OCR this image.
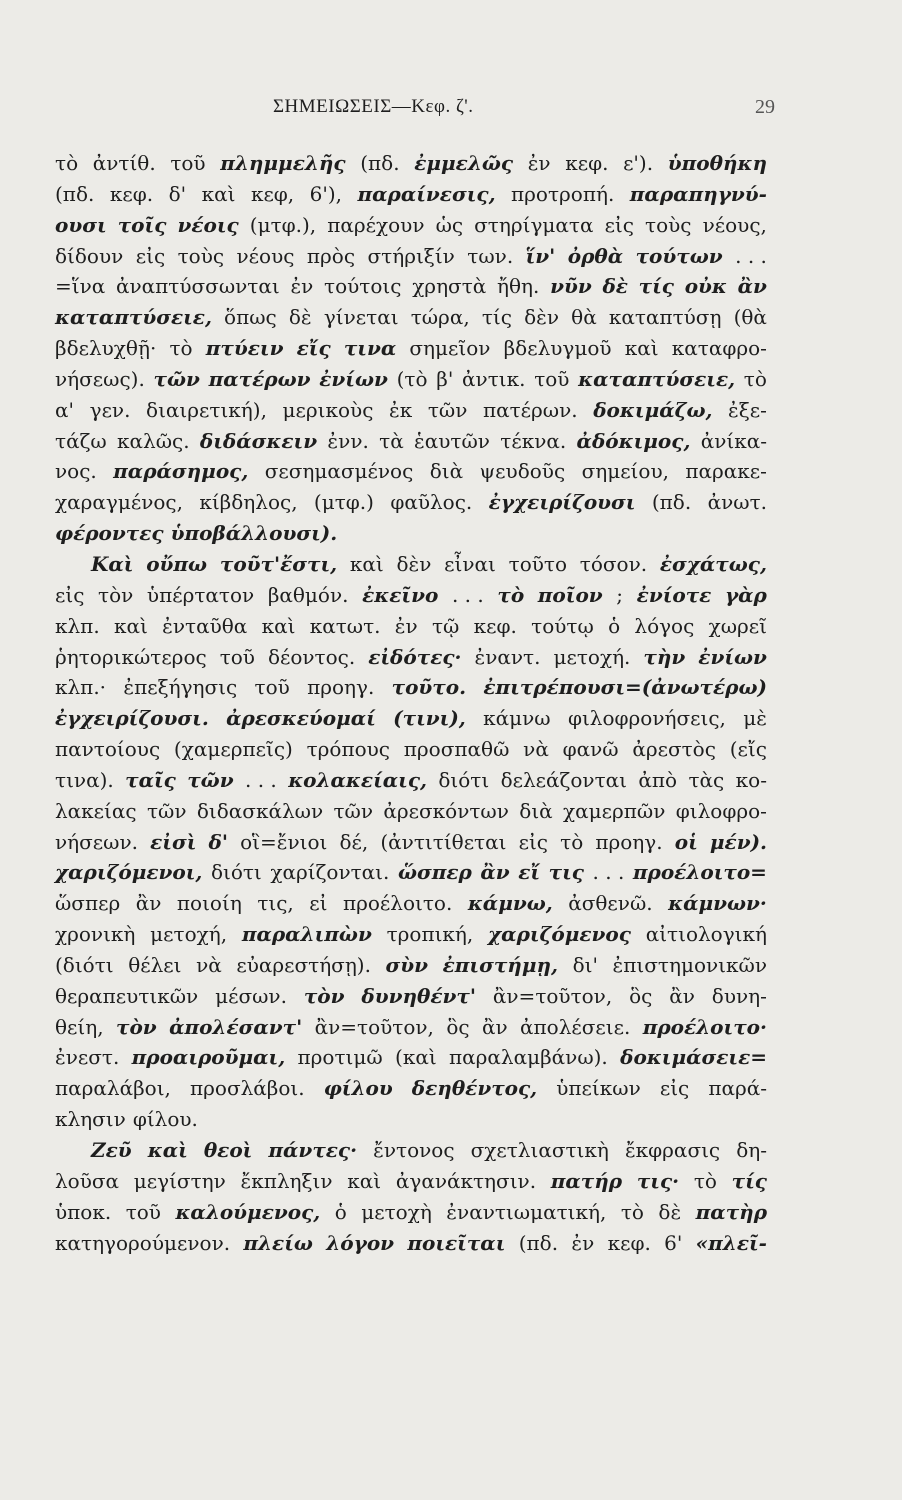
ΣΗΜΕΙΩΣΕΙΣ—Κεφ. ζ'.	29
τὸ ἀντίθ. τοῦ πλημμελῆς (πδ. ἐμμελῶς ἐν κεφ. ε'). ὑποθήκη
(πδ. κεφ. δ' καὶ κεφ, 6'), παραίνεσις, προτροπή. παραπηγνύ-
ουσι τοῖς νέοις (μτφ.), παρέχουν ὡς στηρίγματα εἰς τοὺς νέους,
δίδουν εἰς τοὺς νέους πρὸς στήριξίν των. ἵν' ὀρθὰ τούτων . . .
=ἵνα ἀναπτύσσωνται ἐν τούτοις χρηστὰ ἤθη. νῦν δὲ τίς οὐκ ἂν
καταπτύσειε, ὅπως δὲ γίνεται τώρα, τίς δὲν θὰ καταπτύσῃ (θὰ
βδελυχθῇ· τὸ πτύειν εἴς τινα σημεῖον βδελυγμοῦ καὶ καταφρο-
νήσεως). τῶν πατέρων ἐνίων (τὸ β' ἀντικ. τοῦ καταπτύσειε, τὸ
α' γεν. διαιρετική), μερικοὺς ἐκ τῶν πατέρων. δοκιμάζω, ἐξε-
τάζω καλῶς. διδάσκειν ἐνν. τὰ ἑαυτῶν τέκνα. ἀδόκιμος, ἀνίκα-
νος. παράσημος, σεσημασμένος διὰ ψευδοῦς σημείου, παρακε-
χαραγμένος, κίβδηλος, (μτφ.) φαῦλος. ἐγχειρίζουσι (πδ. ἀνωτ.
φέροντες ὑποβάλλουσι).
Καὶ οὔπω τοῦτ'ἔστι, καὶ δὲν εἶναι τοῦτο τόσον. ἐσχάτως,
εἰς τὸν ὑπέρτατον βαθμόν. ἐκεῖνο . . . τὸ ποῖον ; ἐνίοτε γὰρ
κλπ. καὶ ἐνταῦθα καὶ κατωτ. ἐν τῷ κεφ. τούτῳ ὁ λόγος χωρεῖ
ῥητορικώτερος τοῦ δέοντος. εἰδότες· ἐναντ. μετοχή. τὴν ἐνίων
κλπ.· ἐπεξήγησις τοῦ προηγ. τοῦτο. ἐπιτρέπουσι=(ἀνωτέρω)
ἐγχειρίζουσι. ἀρεσκεύομαί (τινι), κάμνω φιλοφρονήσεις, μὲ
παντοίους (χαμερπεῖς) τρόπους προσπαθῶ νὰ φανῶ ἀρεστὸς (εἴς
τινα). ταῖς τῶν . . . κολακείαις, διότι δελεάζονται ἀπὸ τὰς κο-
λακείας τῶν διδασκάλων τῶν ἀρεσκόντων διὰ χαμερπῶν φιλοφρο-
νήσεων. εἰσὶ δ' οἳ=ἔνιοι δέ, (ἀντιτίθεται εἰς τὸ προηγ. οἱ μέν).
χαριζόμενοι, διότι χαρίζονται. ὥσπερ ἂν εἴ τις . . . προέλοιτο=
ὥσπερ ἂν ποιοίη τις, εἰ προέλοιτο. κάμνω, ἀσθενῶ. κάμνων·
χρονικὴ μετοχή, παραλιπὼν τροπική, χαριζόμενος αἰτιολογική
(διότι θέλει νὰ εὐαρεστήσῃ). σὺν ἐπιστήμῃ, δι' ἐπιστημονικῶν
θεραπευτικῶν μέσων. τὸν δυνηθέντ' ἂν=τοῦτον, ὃς ἂν δυνη-
θείη, τὸν ἀπολέσαντ' ἂν=τοῦτον, ὃς ἂν ἀπολέσειε. προέλοιτο·
ἐνεστ. προαιροῦμαι, προτιμῶ (καὶ παραλαμβάνω). δοκιμάσειε=
παραλάβοι, προσλάβοι. φίλου δεηθέντος, ὑπείκων εἰς παρά-
κλησιν φίλου.
Ζεῦ καὶ θεοὶ πάντες· ἔντονος σχετλιαστικὴ ἔκφρασις δη-
λοῦσα μεγίστην ἔκπληξιν καὶ ἀγανάκτησιν. πατήρ τις· τὸ τίς
ὑποκ. τοῦ καλούμενος, ὁ μετοχὴ ἐναντιωματική, τὸ δὲ πατὴρ
κατηγορούμενον. πλείω λόγον ποιεῖται (πδ. ἐν κεφ. 6' «πλεῖ-
